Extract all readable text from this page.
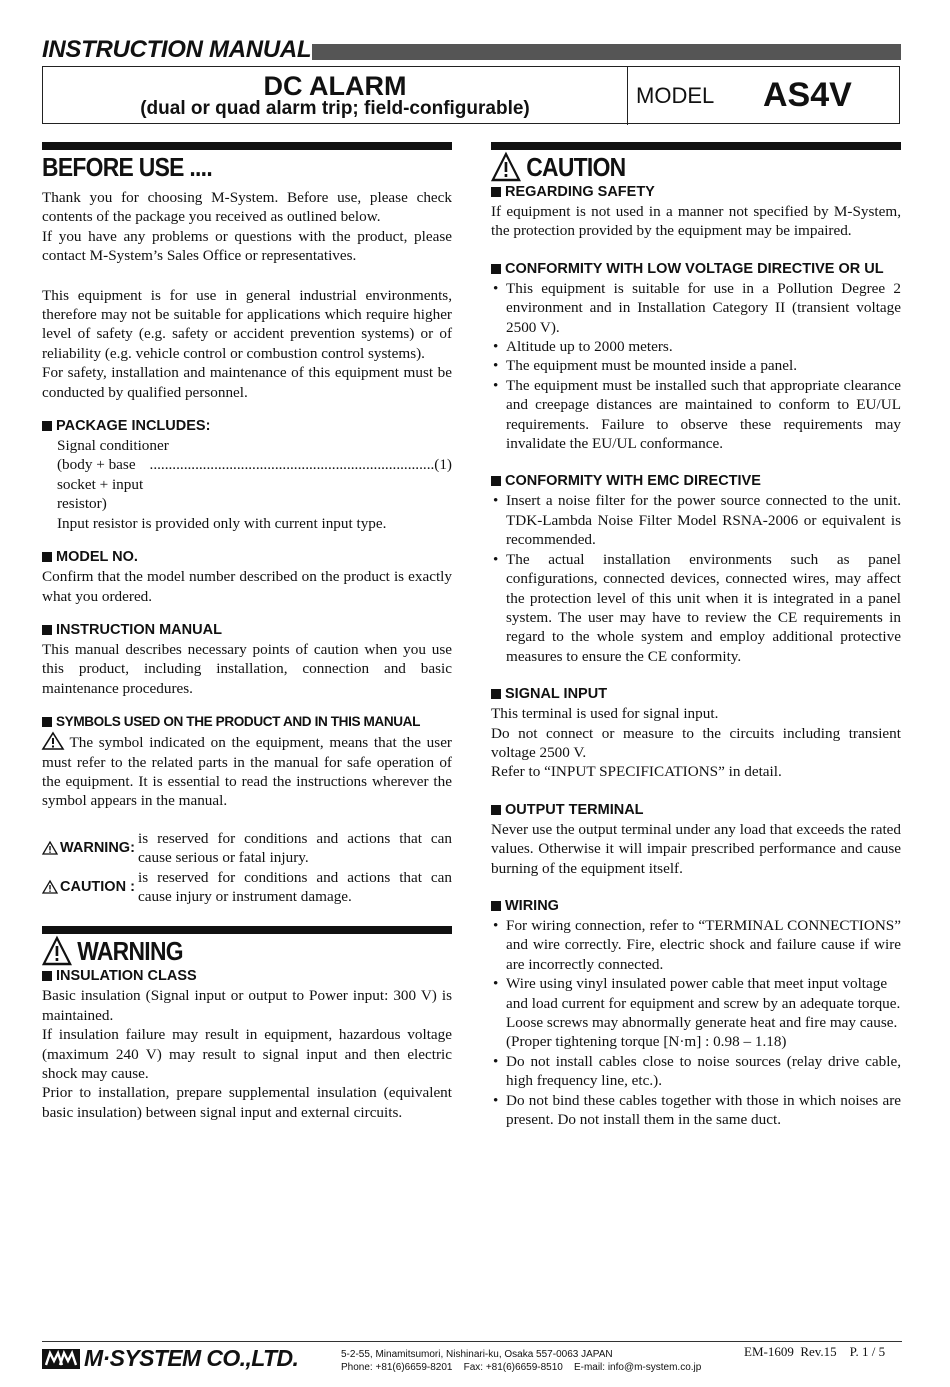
INSTRUCTION MANUAL
DC ALARM
(dual or quad alarm trip; field-configurable)
MODEL AS4V
BEFORE USE ....
Thank you for choosing M-System. Before use, please check contents of the package you received as outlined below.
If you have any problems or questions with the product, please contact M-System’s Sales Office or representatives.
This equipment is for use in general industrial environments, therefore may not be suitable for applications which require higher level of safety (e.g. safety or accident prevention systems) or of reliability (e.g. vehicle control or combustion control systems).
For safety, installation and maintenance of this equipment must be conducted by qualified personnel.
PACKAGE INCLUDES:
Signal conditioner
(body + base socket + input resistor)
........................................................................... (1)
Input resistor is provided only with current input type.
MODEL NO.
Confirm that the model number described on the product is exactly what you ordered.
INSTRUCTION MANUAL
This manual describes necessary points of caution when you use this product, including installation, connection and basic maintenance procedures.
SYMBOLS USED ON THE PRODUCT AND IN THIS MANUAL
The symbol indicated on the equipment, means that the user must refer to the related parts in the manual for safe operation of the equipment. It is essential to read the instructions wherever the symbol appears in the manual.
WARNING :
is reserved for conditions and actions that can cause serious or fatal injury.
CAUTION :
is reserved for conditions and actions that can cause injury or instrument damage.
WARNING
INSULATION CLASS
Basic insulation (Signal input or output to Power input: 300 V) is maintained.
If insulation failure may result in equipment, hazardous voltage (maximum 240 V) may result to signal input and then electric shock may cause.
Prior to installation, prepare supplemental insulation (equivalent basic insulation) between signal input and external circuits.
CAUTION
REGARDING SAFETY
If equipment is not used in a manner not specified by M-System, the protection provided by the equipment may be impaired.
CONFORMITY WITH LOW VOLTAGE DIRECTIVE OR UL
• This equipment is suitable for use in a Pollution Degree 2 environment and in Installation Category II (transient voltage 2500 V).
• Altitude up to 2000 meters.
• The equipment must be mounted inside a panel.
• The equipment must be installed such that appropriate clearance and creepage distances are maintained to conform to EU/UL requirements. Failure to observe these requirements may invalidate the EU/UL conformance.
CONFORMITY WITH EMC DIRECTIVE
• Insert a noise filter for the power source connected to the unit. TDK-Lambda Noise Filter Model RSNA-2006 or equivalent is recommended.
• The actual installation environments such as panel configurations, connected devices, connected wires, may affect the protection level of this unit when it is integrated in a panel system. The user may have to review the CE requirements in regard to the whole system and employ additional protective measures to ensure the CE conformity.
SIGNAL INPUT
This terminal is used for signal input.
Do not connect or measure to the circuits including transient voltage 2500 V.
Refer to “INPUT SPECIFICATIONS” in detail.
OUTPUT TERMINAL
Never use the output terminal under any load that exceeds the rated values. Otherwise it will impair prescribed performance and cause burning of the equipment itself.
WIRING
• For wiring connection, refer to “TERMINAL CONNECTIONS” and wire correctly. Fire, electric shock and failure cause if wire are incorrectly connected.
• Wire using vinyl insulated power cable that meet input voltage and load current for equipment and screw by an adequate torque.
Loose screws may abnormally generate heat and fire may cause. (Proper tightening torque [N·m] : 0.98 – 1.18)
• Do not install cables close to noise sources (relay drive cable, high frequency line, etc.).
• Do not bind these cables together with those in which noises are present. Do not install them in the same duct.
M·SYSTEM CO.,LTD.	5-2-55, Minamitsumori, Nishinari-ku, Osaka 557-0063 JAPAN
Phone: +81(6)6659-8201    Fax: +81(6)6659-8510    E-mail: info@m-system.co.jp
EM-1609  Rev.15    P. 1 / 5
